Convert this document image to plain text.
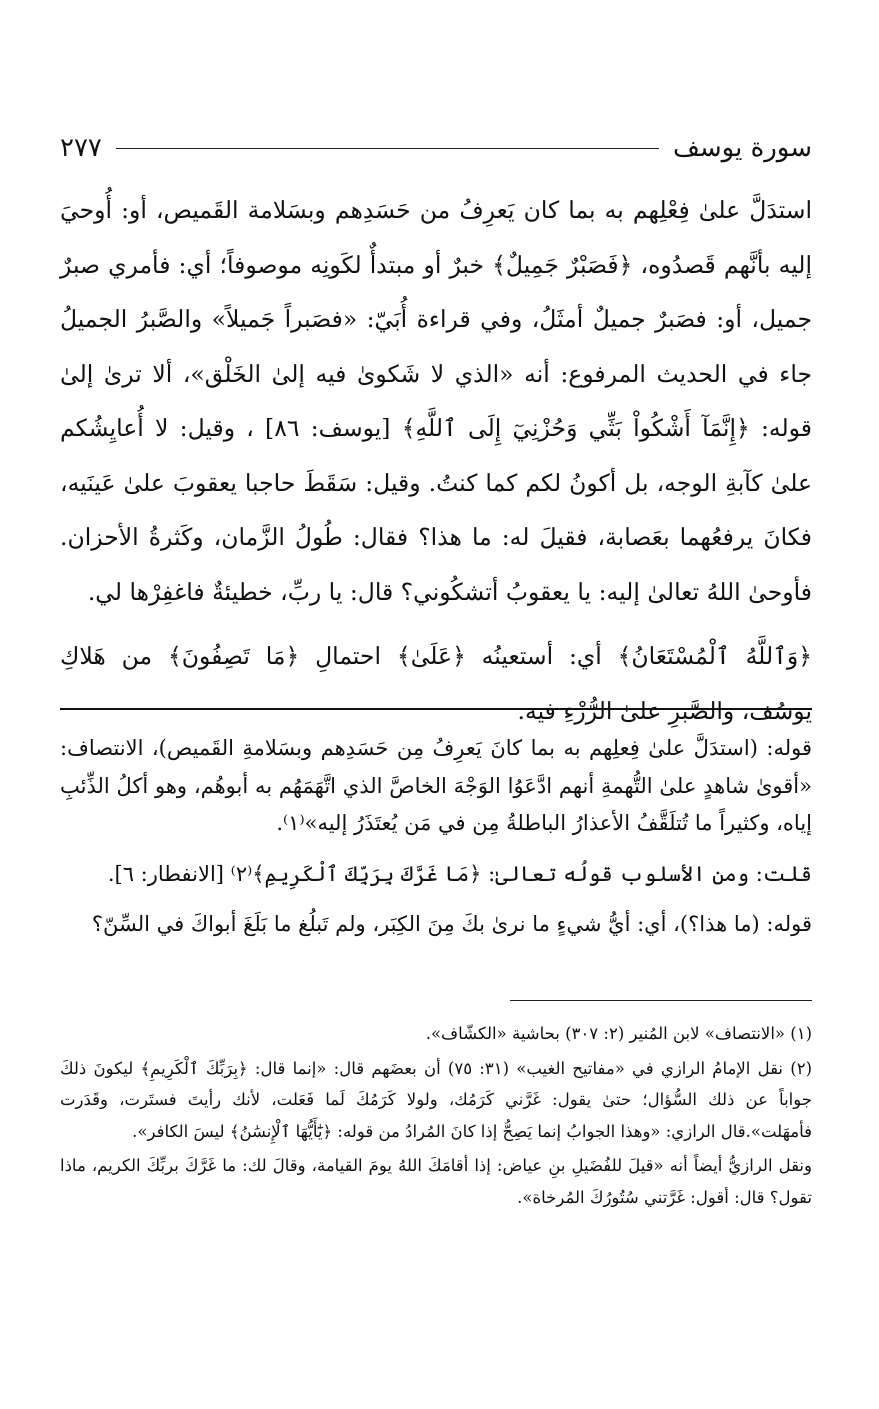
سورة يوسف
٢٧٧

استدَلَّ علىٰ فِعْلِهم به بما كان يَعرِفُ من حَسَدِهم وبسَلامة القَميص، أو: أُوحيَ إليه بأنَّهم قَصدُوه، ﴿فَصَبْرٌ جَمِيلٌ﴾ خبرٌ أو مبتدأٌ لكَونِه موصوفاً؛ أي: فأمري صبرٌ جميل، أو: فصَبرٌ جميلٌ أمثَلُ، وفي قراءة أُبَيّ: «فصَبراً جَميلاً» والصَّبرُ الجميلُ جاء في الحديث المرفوع: أنه «الذي لا شَكوىٰ فيه إلىٰ الخَلْق»، ألا ترىٰ إلىٰ قوله: ﴿إِنَّمَآ أَشْكُواْ بَثِّي وَحُزْنِيٓ إِلَى ٱللَّهِ﴾ [يوسف: ٨٦] ، وقيل: لا أُعايِشُكم علىٰ كآبةِ الوجه، بل أكونُ لكم كما كنتُ. وقيل: سَقَطَ حاجبا يعقوبَ علىٰ عَينَيه، فكانَ يرفعُهما بعَصابة، فقيلَ له: ما هذا؟ فقال: طُولُ الزَّمان، وكَثرةُ الأحزان. فأوحىٰ اللهُ تعالىٰ إليه: يا يعقوبُ أتشكُوني؟ قال: يا ربِّ، خطيئةٌ فاغفِرْها لي.

﴿وَٱللَّهُ ٱلْمُسْتَعَانُ﴾ أي: أستعينُه ﴿عَلَىٰ﴾ احتمالِ ﴿مَا تَصِفُونَ﴾ من هَلاكِ يوسُف، والصَّبرِ علىٰ الرُّزْءِ فيه.

قوله: (استدَلَّ علىٰ فِعلِهم به بما كانَ يَعرِفُ مِن حَسَدِهم وبسَلامةِ القَميص)، الانتصاف: «أقوىٰ شاهدٍ علىٰ التُّهمةِ أنهم ادَّعَوُا الوَجْهَ الخاصَّ الذي اتَّهَمَهُم به أبوهُم، وهو أكلُ الذِّئبِ إياه، وكثيراً ما تُتلَقَّفُ الأعذارُ الباطلةُ مِن في مَن يُعتَذَرُ إليه»⁽١⁾.

قلت: ومن الأسلوب قولُه تعالىٰ: ﴿مَا غَرَّكَ بِرَبِّكَ ٱلْكَرِيمِ﴾⁽٢⁾ [الانفطار: ٦].

قوله: (ما هذا؟)، أي: أيُّ شيءٍ ما نرىٰ بكَ مِنَ الكِبَر، ولم تَبلُغ ما بَلَغَ أبواكَ في السِّنّ؟

(١) «الانتصاف» لابن المُنير (٢: ٣٠٧) بحاشية «الكشّاف».

(٢) نقل الإمامُ الرازي في «مفاتيح الغيب» (٣١: ٧٥) أن بعضَهم قال: «إنما قال: ﴿بِرَبِّكَ ٱلْكَرِيمِ﴾ ليكونَ ذلكَ جواباً عن ذلك السُّؤال؛ حتىٰ يقول: غَرَّني كَرَمُك، ولولا كَرَمُكَ لَما فَعَلت، لأنك رأيتَ فستَرت، وقَدَرت فأمهَلت».قال الرازي: «وهذا الجوابُ إنما يَصِحُّ إذا كانَ المُرادُ من قوله: ﴿يَٰٓأَيُّهَا ٱلْإِنسَٰنُ﴾ ليسَ الكافر».

ونقل الرازيُّ أيضاً أنه «قيلَ للفُضَيلِ بنِ عياض: إذا أقامَكَ اللهُ يومَ القيامة، وقالَ لك: ما غَرَّكَ بربِّكَ الكريم، ماذا تقول؟ قال: أقول: غَرَّتني سُتُورُكَ المُرخاة».
